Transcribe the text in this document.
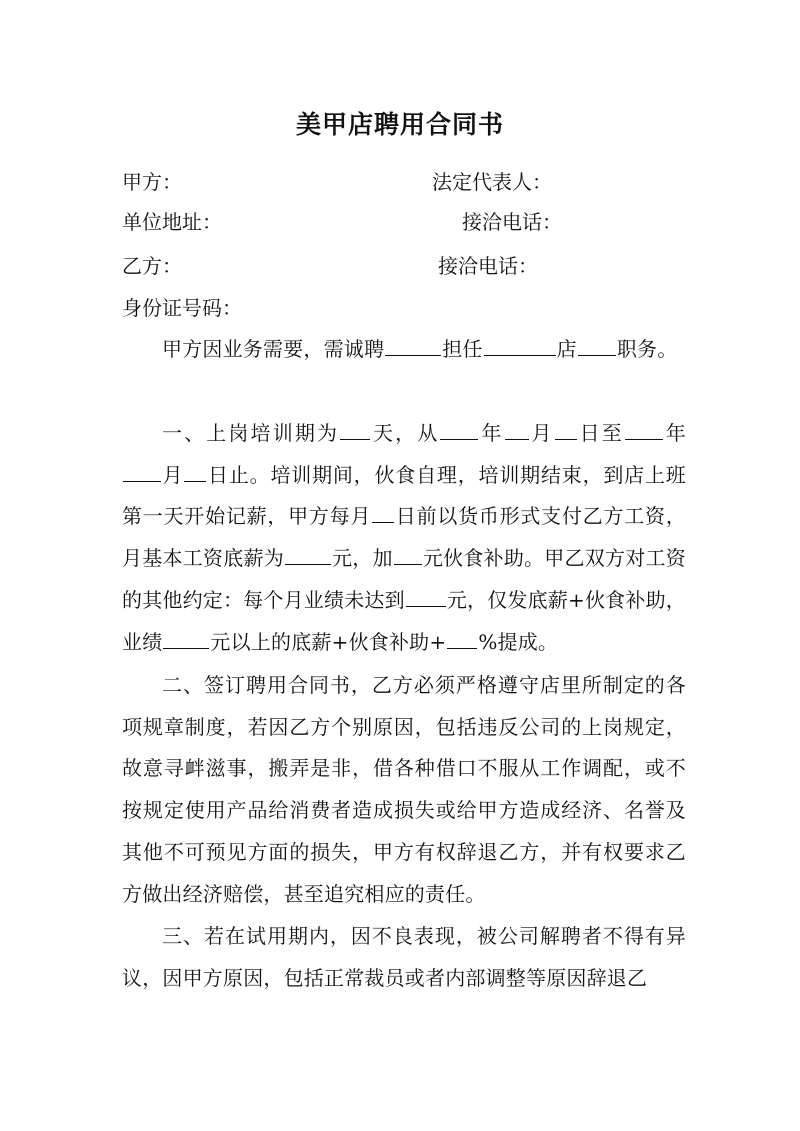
美甲店聘用合同书
甲方：	法定代表人：
单位地址：	接洽电话：
乙方：	接洽电话：
身份证号码：
甲方因业务需要，需诚聘	担任	店 职务。
一、上岗培训期为 天，从 年 月 日至 年月 日止。培训期间，伙食自理，培训期结束，到店上班第一天开始记薪，甲方每月 日前以货币形式支付乙方工资，月基本工资底薪为 元，加 元伙食补助。甲乙双方对工资的其他约定：每个月业绩未达到 元，仅发底薪+伙食补助，业绩 元以上的底薪+伙食补助+ %提成。
二、签订聘用合同书，乙方必须严格遵守店里所制定的各项规章制度，若因乙方个别原因，包括违反公司的上岗规定，故意寻衅滋事，搬弄是非，借各种借口不服从工作调配，或不按规定使用产品给消费者造成损失或给甲方造成经济、名誉及其他不可预见方面的损失，甲方有权辞退乙方，并有权要求乙方做出经济赔偿，甚至追究相应的责任。
三、若在试用期内，因不良表现，被公司解聘者不得有异议，因甲方原因，包括正常裁员或者内部调整等原因辞退乙
